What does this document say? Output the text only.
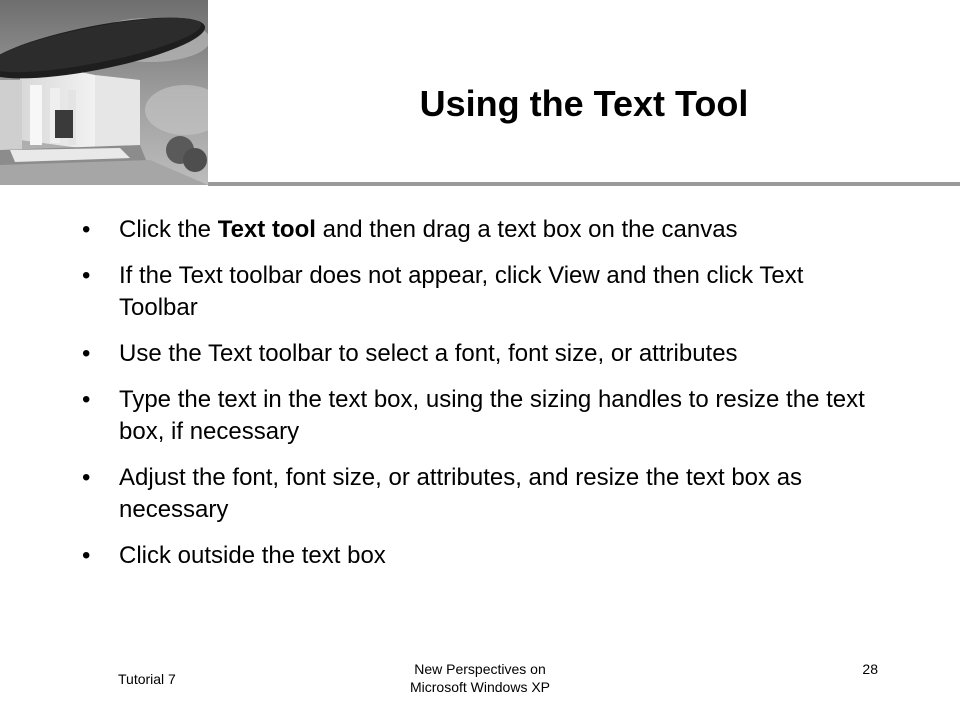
Using the Text Tool
• Click the Text tool and then drag a text box on the canvas
• If the Text toolbar does not appear, click View and then click Text Toolbar
• Use the Text toolbar to select a font, font size, or attributes
• Type the text in the text box, using the sizing handles to resize the text box, if necessary
• Adjust the font, font size, or attributes, and resize the text box as necessary
• Click outside the text box
Tutorial 7
New Perspectives on
Microsoft Windows XP
28
